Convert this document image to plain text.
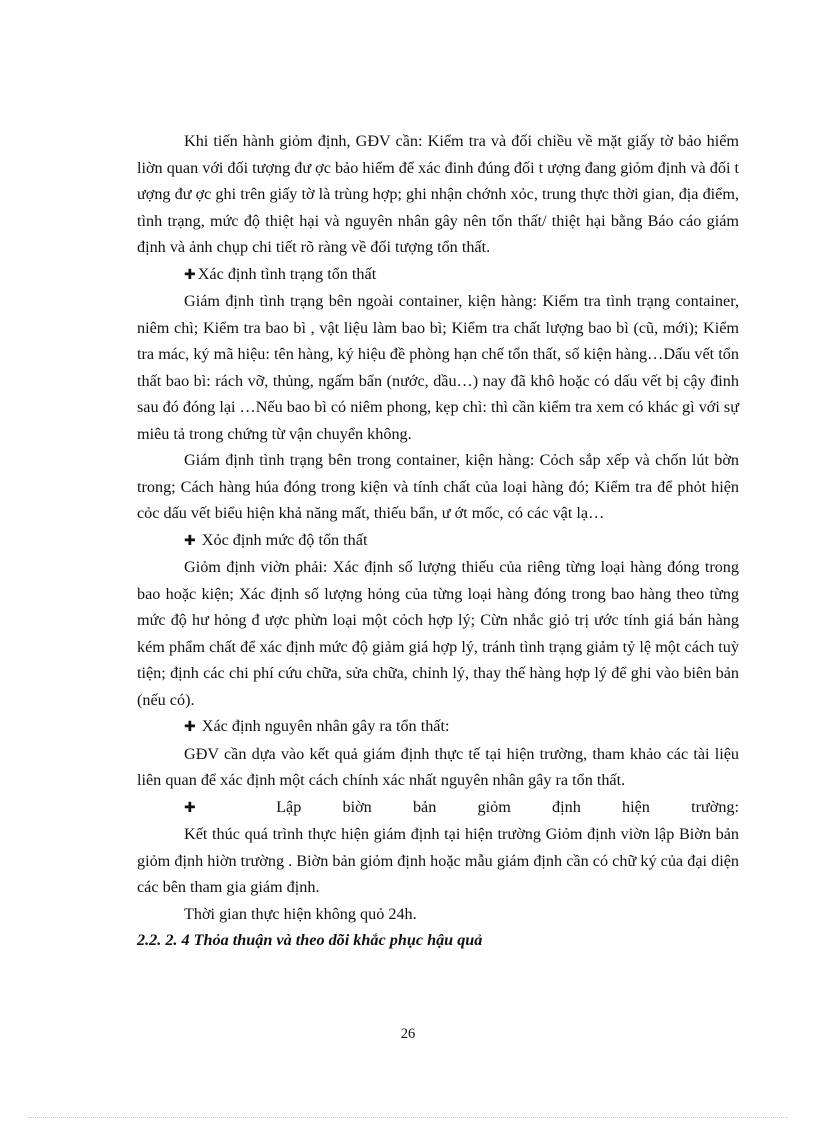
Khi tiến hành giỏm định, GĐV cần: Kiểm tra và đối chiều về mặt giấy tờ bảo hiểm liờn quan với đối tượng đư ợc bảo hiểm để xác đinh đúng đối t ượng đang giỏm định và đối t ượng đư ợc ghi trên giấy tờ là trùng hợp; ghi nhận chớnh xỏc, trung thực thời gian, địa điểm, tình trạng, mức độ thiệt hại và nguyên nhân gây nên tổn thất/ thiệt hại bằng Báo cáo giám định và ảnh chụp chi tiết rõ ràng về đối tượng tổn thất.

✚ Xác định tình trạng tổn thất

Giám định tình trạng bên ngoài container, kiện hàng: Kiểm tra tình trạng container, niêm chì; Kiểm tra bao bì , vật liệu làm bao bì; Kiểm tra chất lượng bao bì (cũ, mới); Kiểm tra mác, ký mã hiệu: tên hàng, ký hiệu đề phòng hạn chế tổn thất, số kiện hàng…Dấu vết tổn thất bao bì: rách vỡ, thủng, ngấm bẩn (nước, dầu…) nay đã khô hoặc có dấu vết bị cậy đinh sau đó đóng lại …Nếu bao bì có niêm phong, kẹp chì: thì cần kiểm tra xem có khác gì với sự miêu tả trong chứng từ vận chuyển không.

Giám định tình trạng bên trong container, kiện hàng: Cỏch sắp xếp và chốn lút bờn trong; Cách hàng húa đóng trong kiện và tính chất của loại hàng đó; Kiểm tra để phỏt hiện cỏc dấu vết biểu hiện khả năng mất, thiếu bẩn, ư ớt mốc, có các vật lạ…

✚ Xỏc định mức độ tổn thất

Giỏm định viờn phải: Xác định số lượng thiếu của riêng từng loại hàng đóng trong bao hoặc kiện; Xác định số lượng hỏng của từng loại hàng đóng trong bao hàng theo từng mức độ hư hỏng đ ược phừn loại một cỏch hợp lý; Cừn nhắc giỏ trị ước tính giá bán hàng kém phẩm chất để xác định mức độ giảm giá hợp lý, tránh tình trạng giảm tỷ lệ một cách tuỳ tiện; định các chi phí cứu chữa, sửa chữa, chỉnh lý, thay thế hàng hợp lý để ghi vào biên bản (nếu có).

✚ Xác định nguyên nhân gây ra tổn thất:

GĐV cần dựa vào kết quả giám định thực tế tại hiện trường, tham khảo các tài liệu liên quan để xác định một cách chính xác nhất nguyên nhân gây ra tổn thất.

✚	Lập biờn bản giỏm định hiện trường:

Kết thúc quá trình thực hiện giám định tại hiện trường Giỏm định viờn lập Biờn bản giỏm định hiờn trường . Biờn bản giỏm định hoặc mẫu giám định cần có chữ ký của đại diện các bên tham gia giám định.

Thời gian thực hiện không quỏ 24h.

2.2. 2. 4 Thỏa thuận và theo dõi khắc phục hậu quả

26
